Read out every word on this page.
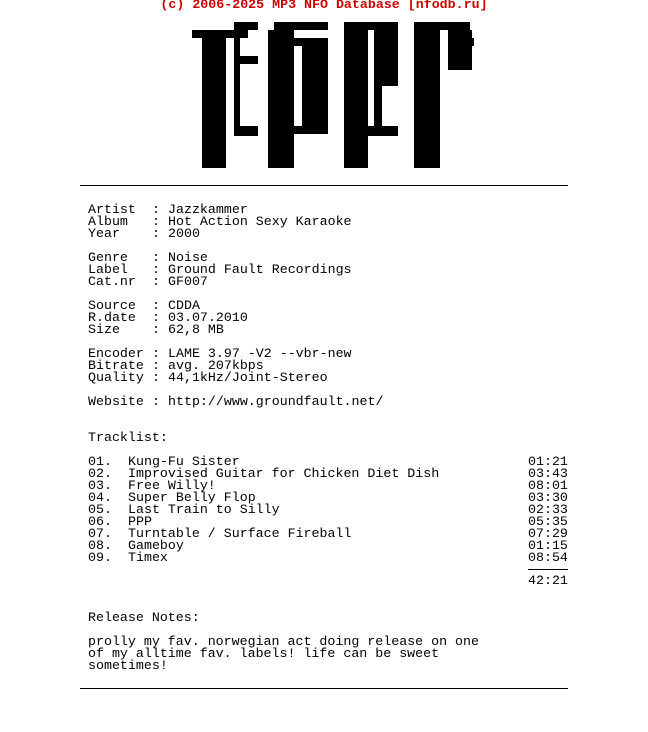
(c) 2006-2025 MP3 NFO Database [nfodb.ru]
Artist : Jazzkammer
Album : Hot Action Sexy Karaoke
Year : 2000
Genre : Noise
Label : Ground Fault Recordings
Cat.nr : GF007
Source : CDDA
R.date : 03.07.2010
Size : 62,8 MB
Encoder : LAME 3.97 -V2 --vbr-new
Bitrate : avg. 207kbps
Quality : 44,1kHz/Joint-Stereo
Website : http://www.groundfault.net/
Tracklist:
01. Kung-Fu Sister	01:21
02. Improvised Guitar for Chicken Diet Dish	03:43
03. Free Willy!	08:01
04. Super Belly Flop	03:30
05. Last Train to Silly	02:33
06. PPP	05:35
07. Turntable / Surface Fireball	07:29
08. Gameboy	01:15
09. Timex	08:54
42:21
Release Notes:
prolly my fav. norwegian act doing release on one
of my alltime fav. labels! life can be sweet
sometimes!
